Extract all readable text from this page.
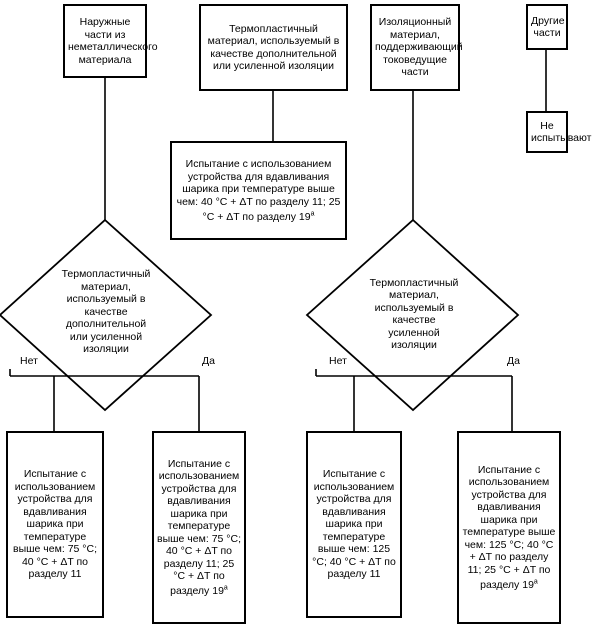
Наружные части из неметаллического материала
Термопластичный материал, используемый в качестве дополнительной или усиленной изоляции
Изоляционный материал, поддерживающий токоведущие части
Другие части
Не испытывают
Испытание с использованием устройства для вдавливания шарика при температуре выше чем: 40 °C + ΔT по разделу 11; 25 °C + ΔT по разделу 19$^a$
Термопластичный материал, используемый в качестве дополнительной или усиленной изоляции
Термопластичный материал, используемый в качестве усиленной изоляции
Нет	Да	Нет	Да
Испытание с использованием устройства для вдавливания шарика при температуре выше чем: 75 °C; 40 °C + ΔT по разделу 11
Испытание с использованием устройства для вдавливания шарика при температуре выше чем: 75 °C; 40 °C + ΔT по разделу 11; 25 °C + ΔT по разделу 19$^a$
Испытание с использованием устройства для вдавливания шарика при температуре выше чем: 125 °C; 40 °C + ΔT по разделу 11
Испытание с использованием устройства для вдавливания шарика при температуре выше чем: 125 °C; 40 °C + ΔT по разделу 11; 25 °C + ΔT по разделу 19$^a$
